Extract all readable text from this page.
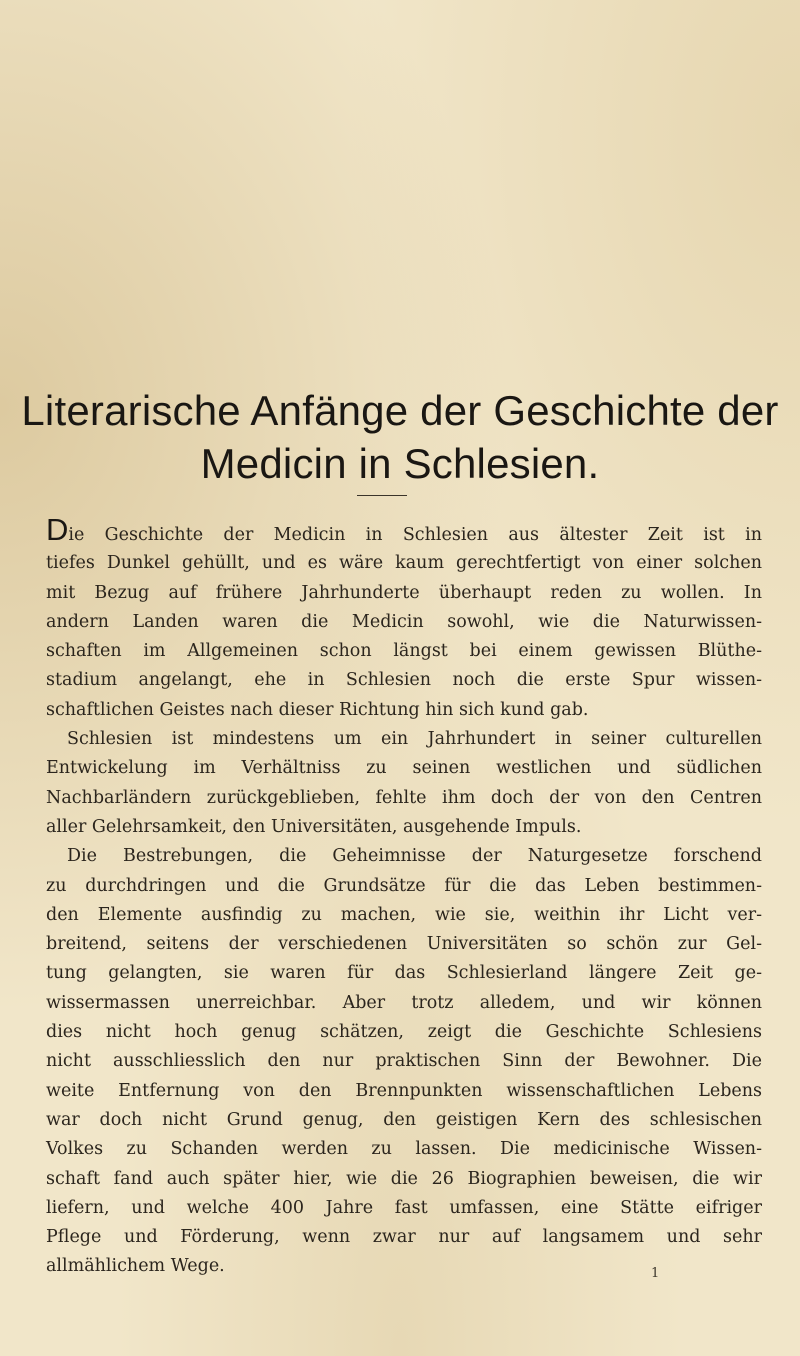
Literarische Anfänge der Geschichte der
Medicin in Schlesien.
Die Geschichte der Medicin in Schlesien aus ältester Zeit ist in
tiefes Dunkel gehüllt, und es wäre kaum gerechtfertigt von einer solchen
mit Bezug auf frühere Jahrhunderte überhaupt reden zu wollen. In
andern Landen waren die Medicin sowohl, wie die Naturwissen-
schaften im Allgemeinen schon längst bei einem gewissen Blüthe-
stadium angelangt, ehe in Schlesien noch die erste Spur wissen-
schaftlichen Geistes nach dieser Richtung hin sich kund gab.
Schlesien ist mindestens um ein Jahrhundert in seiner culturellen
Entwickelung im Verhältniss zu seinen westlichen und südlichen
Nachbarländern zurückgeblieben, fehlte ihm doch der von den Centren
aller Gelehrsamkeit, den Universitäten, ausgehende Impuls.
Die Bestrebungen, die Geheimnisse der Naturgesetze forschend
zu durchdringen und die Grundsätze für die das Leben bestimmen-
den Elemente ausfindig zu machen, wie sie, weithin ihr Licht ver-
breitend, seitens der verschiedenen Universitäten so schön zur Gel-
tung gelangten, sie waren für das Schlesierland längere Zeit ge-
wissermassen unerreichbar. Aber trotz alledem, und wir können
dies nicht hoch genug schätzen, zeigt die Geschichte Schlesiens
nicht ausschliesslich den nur praktischen Sinn der Bewohner. Die
weite Entfernung von den Brennpunkten wissenschaftlichen Lebens
war doch nicht Grund genug, den geistigen Kern des schlesischen
Volkes zu Schanden werden zu lassen. Die medicinische Wissen-
schaft fand auch später hier, wie die 26 Biographien beweisen, die wir
liefern, und welche 400 Jahre fast umfassen, eine Stätte eifriger
Pflege und Förderung, wenn zwar nur auf langsamem und sehr
allmählichem Wege.	1
